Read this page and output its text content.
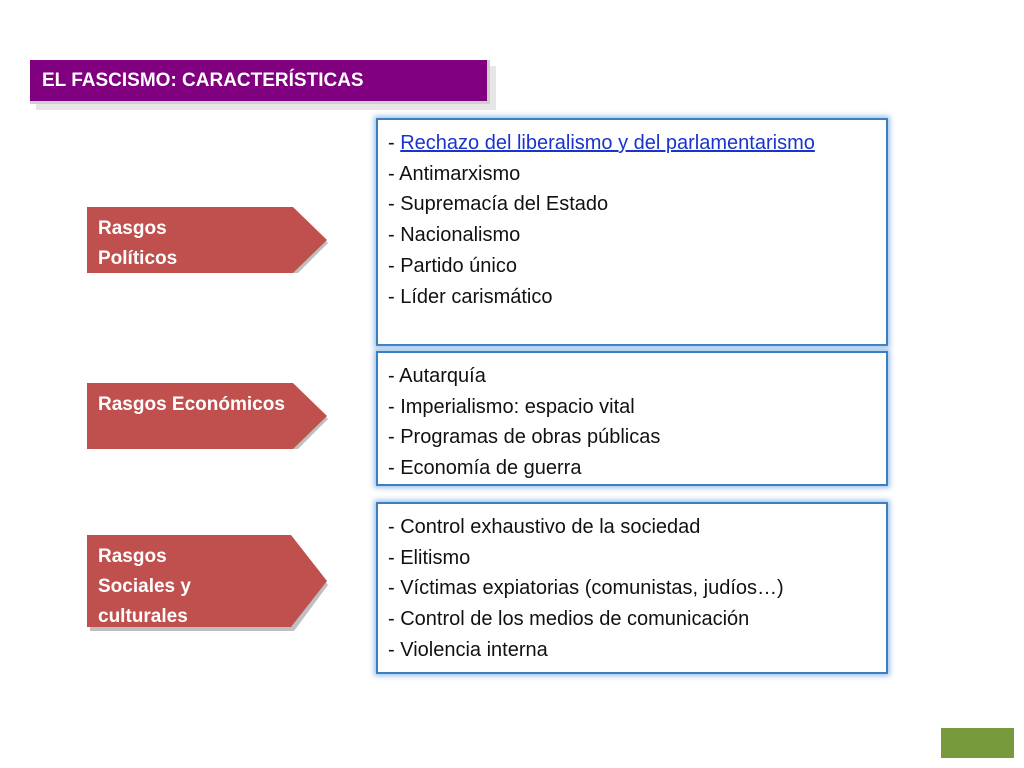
EL FASCISMO: CARACTERÍSTICAS
Rasgos
Políticos
Rasgos Económicos
Rasgos
Sociales y
culturales
- Rechazo del liberalismo y del parlamentarismo
- Antimarxismo
- Supremacía del Estado
- Nacionalismo
- Partido único
- Líder carismático
- Autarquía
- Imperialismo: espacio vital
- Programas de obras públicas
- Economía de guerra
- Control exhaustivo de la sociedad
- Elitismo
- Víctimas expiatorias (comunistas, judíos…)
- Control de los medios de comunicación
- Violencia interna
